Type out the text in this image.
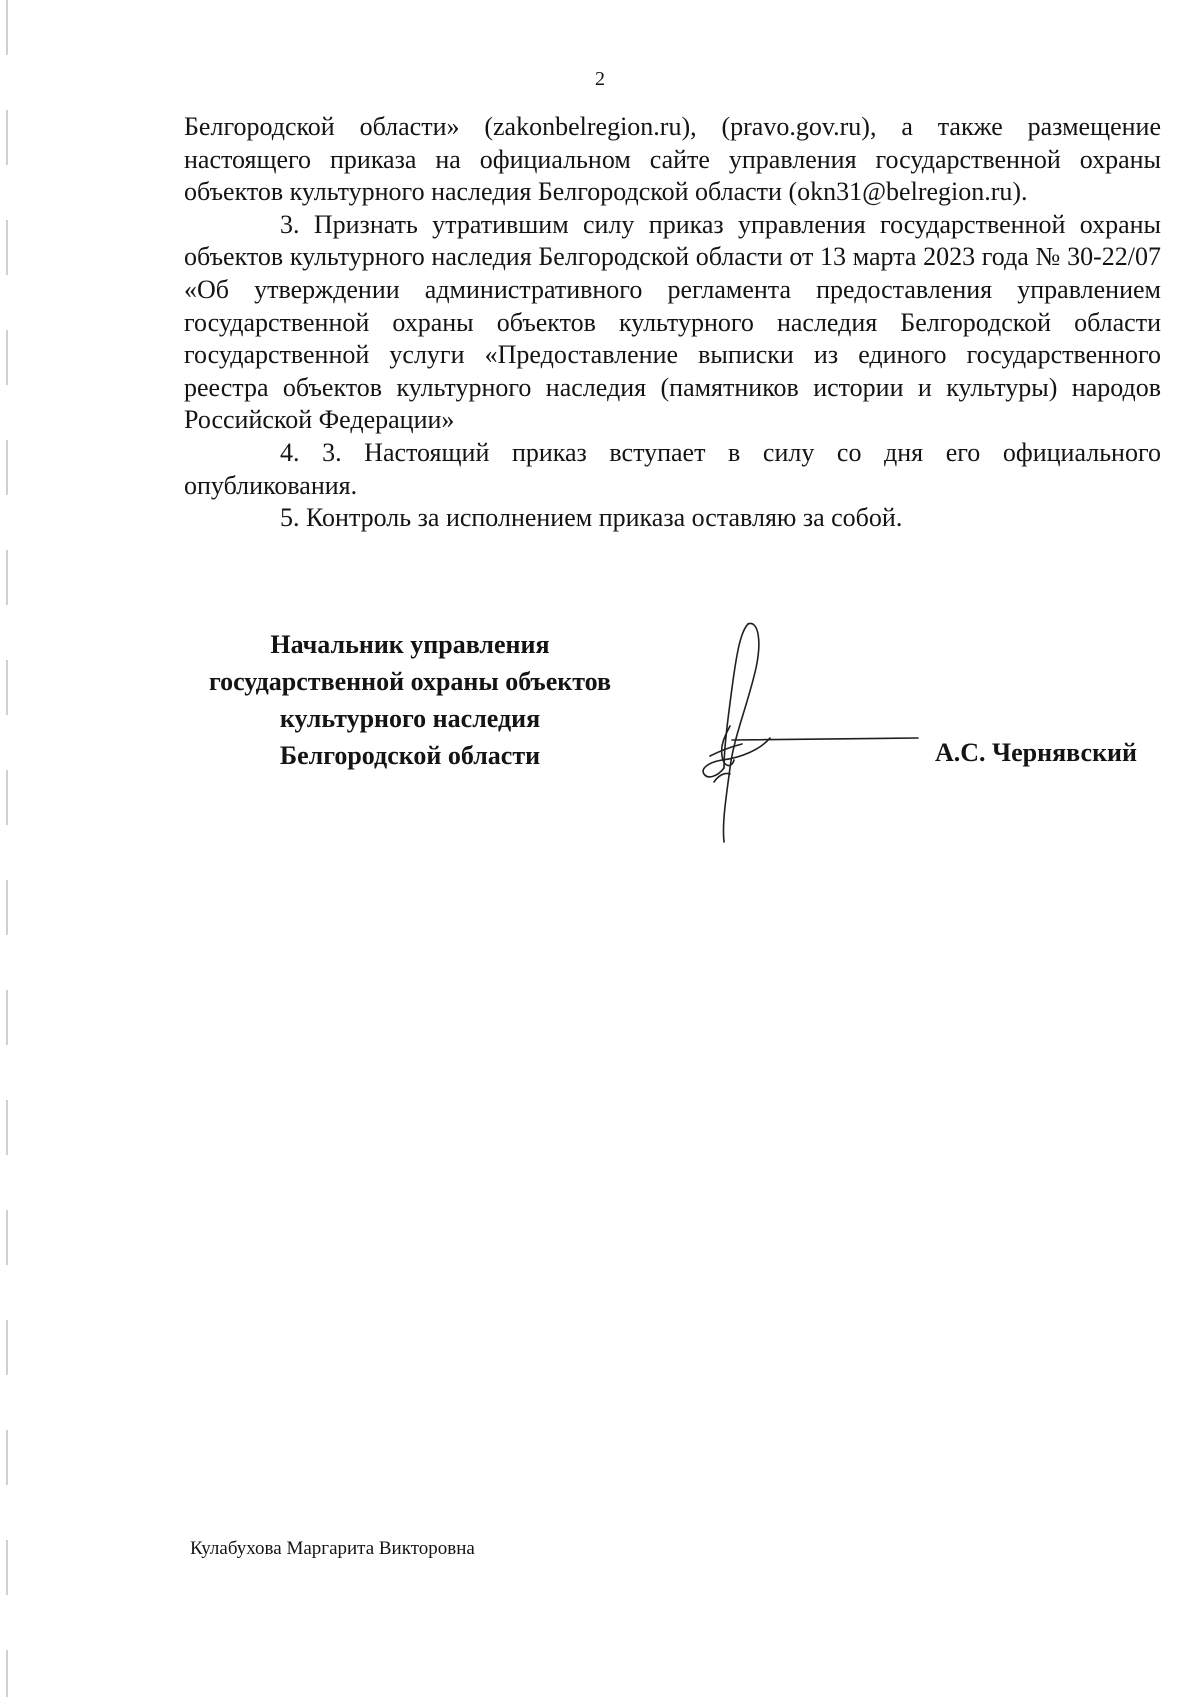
2

Белгородской области» (zakonbelregion.ru), (pravo.gov.ru), а также размещение настоящего приказа на официальном сайте управления государственной охраны объектов культурного наследия Белгородской области (okn31@belregion.ru).

3. Признать утратившим силу приказ управления государственной охраны объектов культурного наследия Белгородской области от 13 марта 2023 года № 30-22/07 «Об утверждении административного регламента предоставления управлением государственной охраны объектов культурного наследия Белгородской области государственной услуги «Предоставление выписки из единого государственного реестра объектов культурного наследия (памятников истории и культуры) народов Российской Федерации»

4. 3. Настоящий приказ вступает в силу со дня его официального опубликования.

5. Контроль за исполнением приказа оставляю за собой.

Начальник управления
государственной охраны объектов
культурного наследия
Белгородской области	А.С. Чернявский
Кулабухова Маргарита Викторовна
